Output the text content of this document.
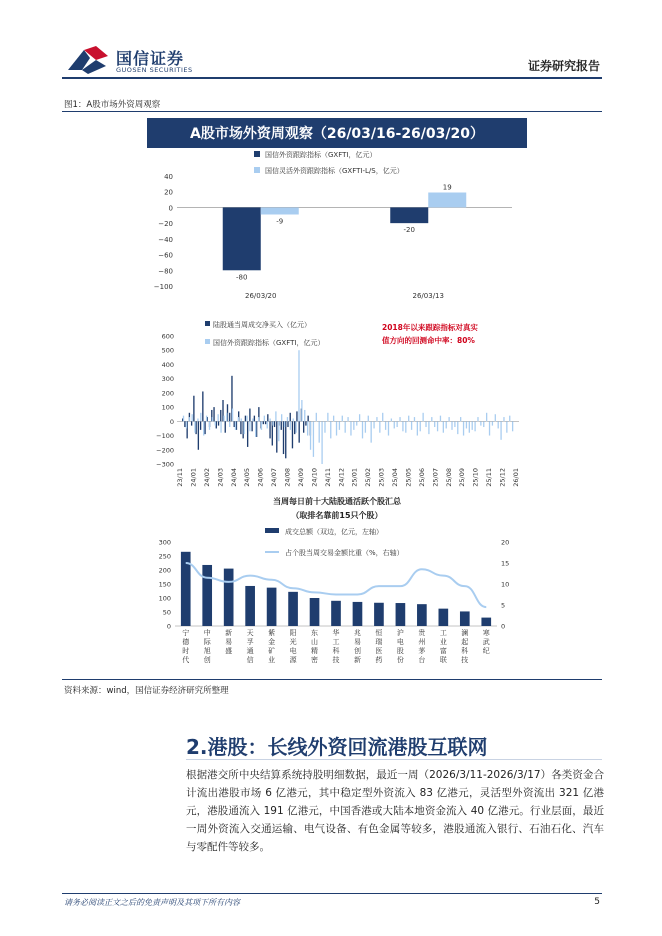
国信证券
GUOSEN SECURITIES	证券研究报告
图1：A股市场外资周观察
A股市场外资周观察（26/03/16-26/03/20）
国信外资跟踪指标（GXFTI，亿元）
国信灵活外资跟踪指标（GXFTI-L/S，亿元）
40
20
0
−20
−40
−60
−80
−100
-80
-9
26/03/20
-20
19
26/03/13
600
500
400
300
200
100
0
−100
−200
−300
23/11 24/01 24/02 24/03 24/04 24/05 24/06 24/07 24/08 24/09 24/10 24/11 24/12 25/01 25/02 25/03 25/04 25/05 25/06 25/07 25/08 25/09 25/10 25/11 25/12 26/01
陆股通当周成交净买入（亿元）
国信外资跟踪指标（GXFTI，亿元）
2018年以来跟踪指标对真实
值方向的回测命中率：80%
当周每日前十大陆股通活跃个股汇总
（取排名靠前15只个股）
成交总额（双边，亿元，左轴）
占个股当周交易金额比重（%，右轴）
300
250
200
150
100
50
0
20
15
10
5
0
宁
德
时
代
中
际
旭
创
新
易
盛
天
孚
通
信
紫
金
矿
业
阳
光
电
源
东
山
精
密
华
工
科
技
兆
易
创
新
恒
瑞
医
药
沪
电
股
份
贵
州
茅
台
工
业
富
联
澜
起
科
技
寒
武
纪
资料来源：wind，国信证券经济研究所整理
2.港股：长线外资回流港股互联网
根据港交所中央结算系统持股明细数据，最近一周（2026/3/11-2026/3/17）各类资金合计流出港股市场 6 亿港元，其中稳定型外资流入 83 亿港元，灵活型外资流出 321 亿港元，港股通流入 191 亿港元，中国香港或大陆本地资金流入 40 亿港元。行业层面，最近一周外资流入交通运输、电气设备、有色金属等较多，港股通流入银行、石油石化、汽车与零配件等较多。
请务必阅读正文之后的免责声明及其项下所有内容	5
